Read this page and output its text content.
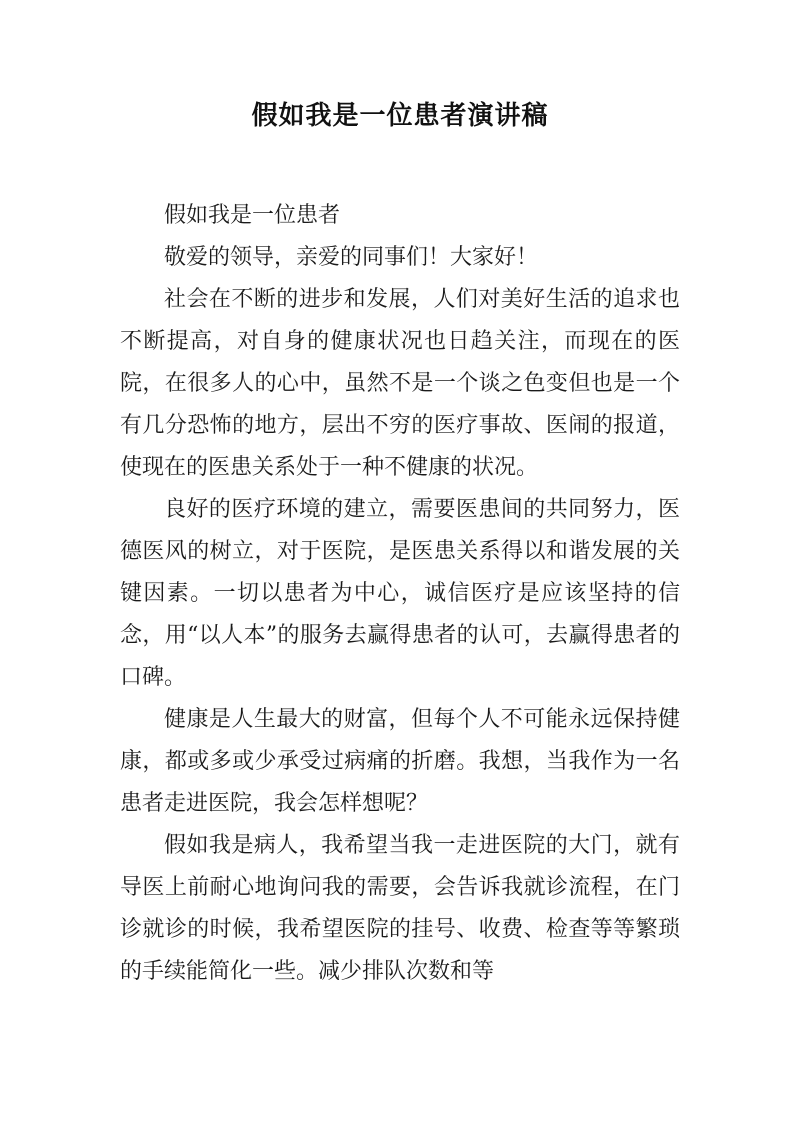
假如我是一位患者演讲稿

假如我是一位患者

敬爱的领导，亲爱的同事们！大家好！

社会在不断的进步和发展，人们对美好生活的追求也不断提高，对自身的健康状况也日趋关注，而现在的医院，在很多人的心中，虽然不是一个谈之色变但也是一个有几分恐怖的地方，层出不穷的医疗事故、医闹的报道，使现在的医患关系处于一种不健康的状况。

良好的医疗环境的建立，需要医患间的共同努力，医德医风的树立，对于医院，是医患关系得以和谐发展的关键因素。一切以患者为中心，诚信医疗是应该坚持的信念，用“以人本”的服务去赢得患者的认可，去赢得患者的口碑。

健康是人生最大的财富，但每个人不可能永远保持健康，都或多或少承受过病痛的折磨。我想，当我作为一名患者走进医院，我会怎样想呢？

假如我是病人，我希望当我一走进医院的大门，就有导医上前耐心地询问我的需要，会告诉我就诊流程，在门诊就诊的时候，我希望医院的挂号、收费、检查等等繁琐的手续能简化一些。减少排队次数和等
